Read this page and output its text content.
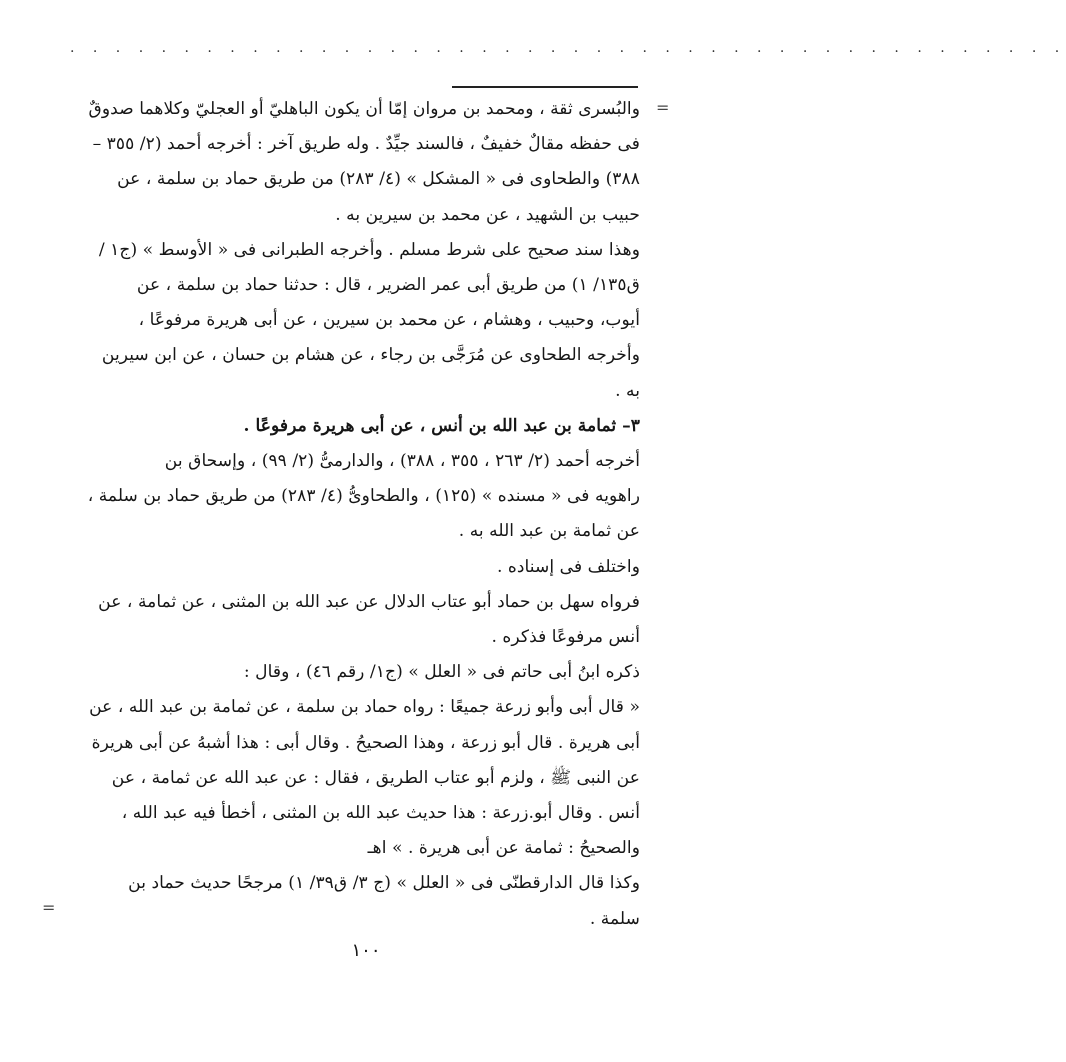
. . . . . . . . . . . . . . . . . . . . . . . . . . . . . . . . . . . . . . . . . . . .
=
=

والبُسرى ثقة ، ومحمد بن مروان إمّا أن يكون الباهليّ أو العجليّ وكلاهما صدوقٌ

فى حفظه مقالٌ خفيفٌ ، فالسند جيِّدٌ . وله طريق آخر : أخرجه أحمد (٢/ ٣٥٥ –

٣٨٨) والطحاوى فى « المشكل » (٤/ ٢٨٣) من طريق حماد بن سلمة ، عن

حبيب بن الشهيد ، عن محمد بن سيرين به .

وهذا سند صحيح على شرط مسلم . وأخرجه الطبرانى فى « الأوسط » (ج١ /

ق١٣٥/ ١) من طريق أبى عمر الضرير ، قال : حدثنا حماد بن سلمة ، عن

أيوب، وحبيب ، وهشام ، عن محمد بن سيرين ، عن أبى هريرة مرفوعًا ،

وأخرجه الطحاوى عن مُرَجَّى بن رجاء ، عن هشام بن حسان ، عن ابن سيرين

به .

٣– ثمامة بن عبد الله بن أنس ، عن أبى هريرة مرفوعًا .

أخرجه أحمد (٢/ ٢٦٣ ، ٣٥٥ ، ٣٨٨) ، والدارمىُّ (٢/ ٩٩) ، وإسحاق بن

راهويه فى « مسنده » (١٢٥) ، والطحاوىُّ (٤/ ٢٨٣) من طريق حماد بن سلمة ،

عن ثمامة بن عبد الله به .

واختلف فى إسناده .

فرواه سهل بن حماد أبو عتاب الدلال عن عبد الله بن المثنى ، عن ثمامة ، عن

أنس مرفوعًا فذكره .

ذكره ابنُ أبى حاتم فى « العلل » (ج١/ رقم ٤٦) ، وقال :

« قال أبى وأبو زرعة جميعًا : رواه حماد بن سلمة ، عن ثمامة بن عبد الله ، عن

أبى هريرة . قال أبو زرعة ، وهذا الصحيحُ . وقال أبى : هذا أشبهُ عن أبى هريرة

عن النبى ﷺ ، ولزم أبو عتاب الطريق ، فقال : عن عبد الله عن ثمامة ، عن

أنس . وقال أبو.زرعة : هذا حديث عبد الله بن المثنى ، أخطأ فيه عبد الله ،

والصحيحُ : ثمامة عن أبى هريرة . » اهـ

وكذا قال الدارقطنّى فى « العلل » (ج ٣/ ق٣٩/ ١) مرجحًا حديث حماد بن

سلمة .

١٠٠
